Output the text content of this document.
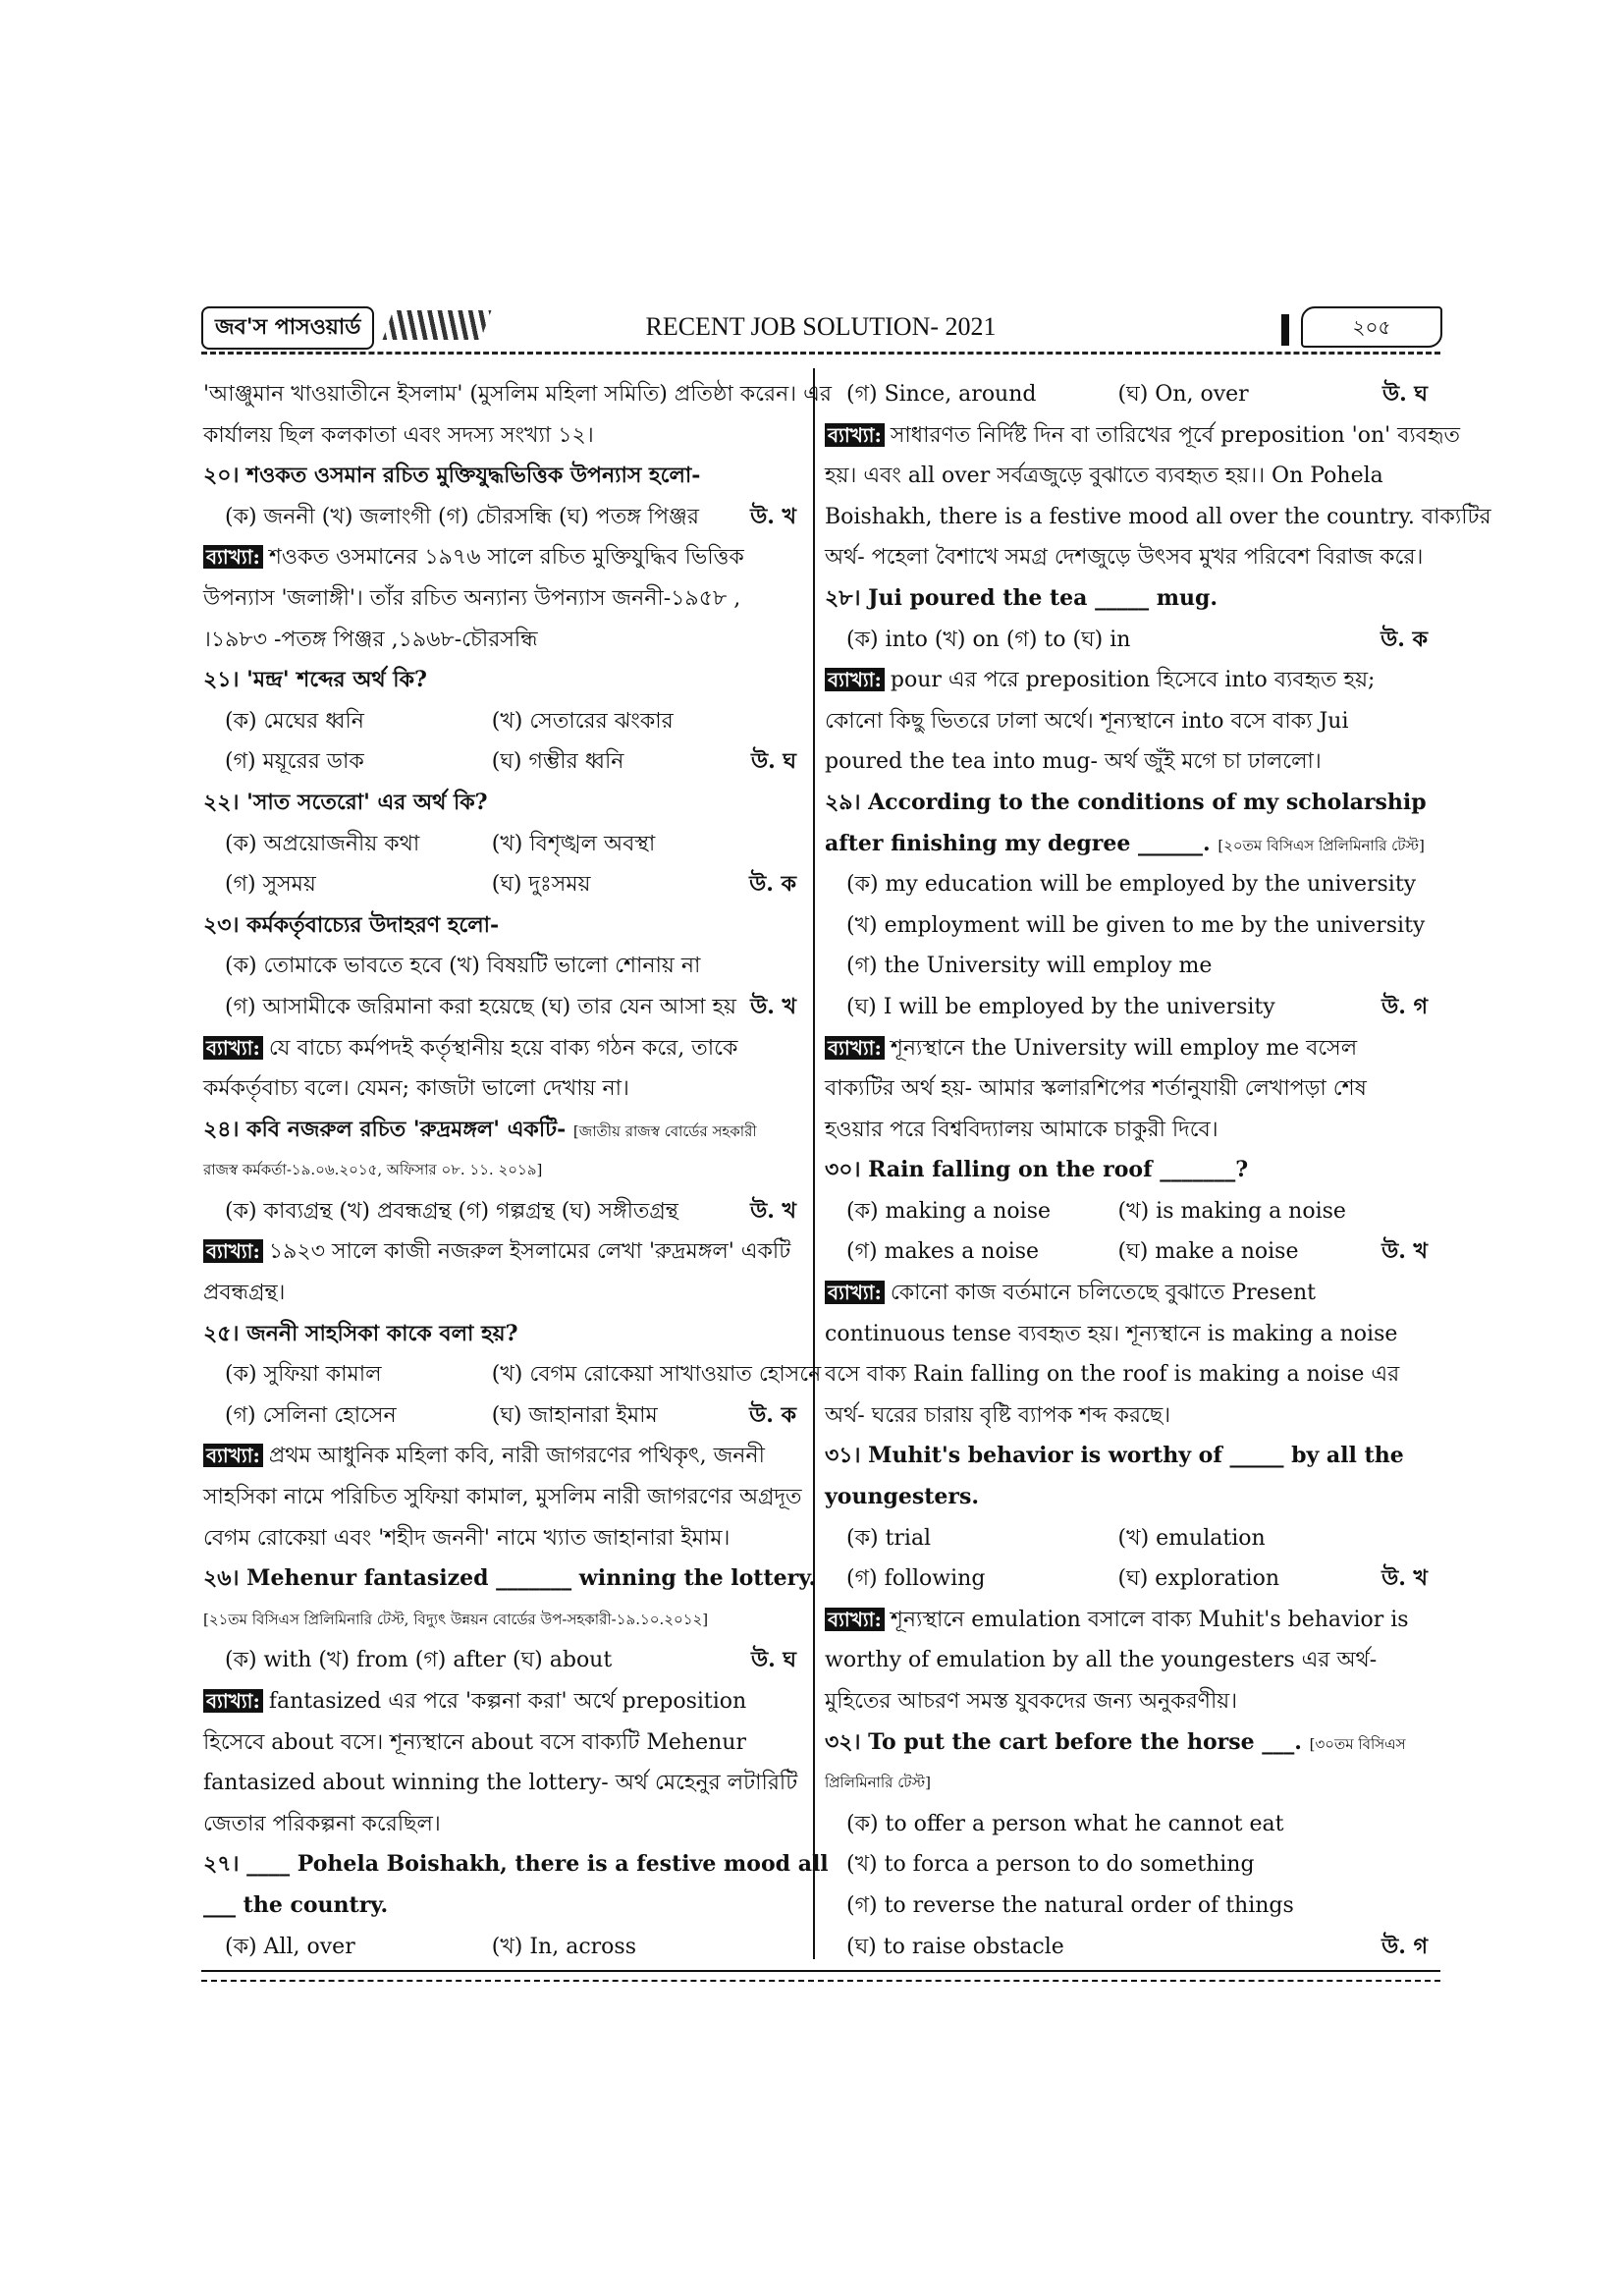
জব'স পাসওয়ার্ড	RECENT JOB SOLUTION- 2021	২০৫
'আঞ্জুমান খাওয়াতীনে ইসলাম' (মুসলিম মহিলা সমিতি) প্রতিষ্ঠা করেন। এর
কার্যালয় ছিল কলকাতা এবং সদস্য সংখ্যা ১২।
২০। শওকত ওসমান রচিত মুক্তিযুদ্ধভিত্তিক উপন্যাস হলো-
(ক) জননী (খ) জলাংগী (গ) চৌরসন্ধি (ঘ) পতঙ্গ পিঞ্জর উ. খ
ব্যাখ্যা: শওকত ওসমানের ১৯৭৬ সালে রচিত মুক্তিযুদ্ধিব ভিত্তিক
উপন্যাস 'জলাঙ্গী'। তাঁর রচিত অন্যান্য উপন্যাস জননী-১৯৫৮ ,
।১৯৮৩ -পতঙ্গ পিঞ্জর ,১৯৬৮-চৌরসন্ধি
২১। 'মন্দ্র' শব্দের অর্থ কি?
(ক) মেঘের ধ্বনি	(খ) সেতারের ঝংকার
(গ) ময়ূরের ডাক	(ঘ) গম্ভীর ধ্বনি	উ. ঘ
২২। 'সাত সতেরো' এর অর্থ কি?
(ক) অপ্রয়োজনীয় কথা	(খ) বিশৃঙ্খল অবস্থা
(গ) সুসময়	(ঘ) দুঃসময়	উ. ক
২৩। কর্মকর্তৃবাচ্যের উদাহরণ হলো-
(ক) তোমাকে ভাবতে হবে (খ) বিষয়টি ভালো শোনায় না
(গ) আসামীকে জরিমানা করা হয়েছে (ঘ) তার যেন আসা হয় উ. খ
ব্যাখ্যা: যে বাচ্যে কর্মপদই কর্তৃস্থানীয় হয়ে বাক্য গঠন করে, তাকে
কর্মকর্তৃবাচ্য বলে। যেমন; কাজটা ভালো দেখায় না।
২৪। কবি নজরুল রচিত 'রুদ্রমঙ্গল' একটি- [জাতীয় রাজস্ব বোর্ডের সহকারী
রাজস্ব কর্মকর্তা-১৯.০৬.২০১৫, অফিসার ০৮. ১১. ২০১৯]
(ক) কাব্যগ্রন্থ (খ) প্রবন্ধগ্রন্থ (গ) গল্পগ্রন্থ (ঘ) সঙ্গীতগ্রন্থ	উ. খ
ব্যাখ্যা: ১৯২৩ সালে কাজী নজরুল ইসলামের লেখা 'রুদ্রমঙ্গল' একটি
প্রবন্ধগ্রন্থ।
২৫। জননী সাহসিকা কাকে বলা হয়?
(ক) সুফিয়া কামাল	(খ) বেগম রোকেয়া সাখাওয়াত হোসনে
(গ) সেলিনা হোসেন	(ঘ) জাহানারা ইমাম	উ. ক
ব্যাখ্যা: প্রথম আধুনিক মহিলা কবি, নারী জাগরণের পথিকৃৎ, জননী
সাহসিকা নামে পরিচিত সুফিয়া কামাল, মুসলিম নারী জাগরণের অগ্রদূত
বেগম রোকেয়া এবং 'শহীদ জননী' নামে খ্যাত জাহানারা ইমাম।
২৬। Mehenur fantasized _______ winning the lottery.
[২১তম বিসিএস প্রিলিমিনারি টেস্ট, বিদ্যুৎ উন্নয়ন বোর্ডের উপ-সহকারী-১৯.১০.২০১২]
(ক) with (খ) from (গ) after (ঘ) about	উ. ঘ
ব্যাখ্যা: fantasized এর পরে 'কল্পনা করা' অর্থে preposition
হিসেবে about বসে। শূন্যস্থানে about বসে বাক্যটি Mehenur
fantasized about winning the lottery- অর্থ মেহেনুর লটারিটি
জেতার পরিকল্পনা করেছিল।
২৭। ____ Pohela Boishakh, there is a festive mood all
___ the country.
(ক) All, over	(খ) In, across
(গ) Since, around	(ঘ) On, over	উ. ঘ
ব্যাখ্যা: সাধারণত নির্দিষ্ট দিন বা তারিখের পূর্বে preposition 'on' ব্যবহৃত
হয়। এবং all over সর্বত্রজুড়ে বুঝাতে ব্যবহৃত হয়।। On Pohela
Boishakh, there is a festive mood all over the country. বাক্যটির
অর্থ- পহেলা বৈশাখে সমগ্র দেশজুড়ে উৎসব মুখর পরিবেশ বিরাজ করে।
২৮। Jui poured the tea _____ mug.
(ক) into (খ) on (গ) to (ঘ) in	উ. ক
ব্যাখ্যা: pour এর পরে preposition হিসেবে into ব্যবহৃত হয়;
কোনো কিছু ভিতরে ঢালা অর্থে। শূন্যস্থানে into বসে বাক্য Jui
poured the tea into mug- অর্থ জুঁই মগে চা ঢাললো।
২৯। According to the conditions of my scholarship
after finishing my degree ______. [২০তম বিসিএস প্রিলিমিনারি টেস্ট]
(ক) my education will be employed by the university
(খ) employment will be given to me by the university
(গ) the University will employ me
(ঘ) I will be employed by the university	উ. গ
ব্যাখ্যা: শূন্যস্থানে the University will employ me বসেল
বাক্যটির অর্থ হয়- আমার স্কলারশিপের শর্তানুযায়ী লেখাপড়া শেষ
হওয়ার পরে বিশ্ববিদ্যালয় আমাকে চাকুরী দিবে।
৩০। Rain falling on the roof _______?
(ক) making a noise	(খ) is making a noise
(গ) makes a noise	(ঘ) make a noise	উ. খ
ব্যাখ্যা: কোনো কাজ বর্তমানে চলিতেছে বুঝাতে Present
continuous tense ব্যবহৃত হয়। শূন্যস্থানে is making a noise
বসে বাক্য Rain falling on the roof is making a noise এর
অর্থ- ঘরের চারায় বৃষ্টি ব্যাপক শব্দ করছে।
৩১। Muhit's behavior is worthy of _____ by all the
youngesters.
(ক) trial	(খ) emulation
(গ) following	(ঘ) exploration	উ. খ
ব্যাখ্যা: শূন্যস্থানে emulation বসালে বাক্য Muhit's behavior is
worthy of emulation by all the youngesters এর অর্থ-
মুহিতের আচরণ সমস্ত যুবকদের জন্য অনুকরণীয়।
৩২। To put the cart before the horse ___. [৩০তম বিসিএস
প্রিলিমিনারি টেস্ট]
(ক) to offer a person what he cannot eat
(খ) to forca a person to do something
(গ) to reverse the natural order of things
(ঘ) to raise obstacle	উ. গ
